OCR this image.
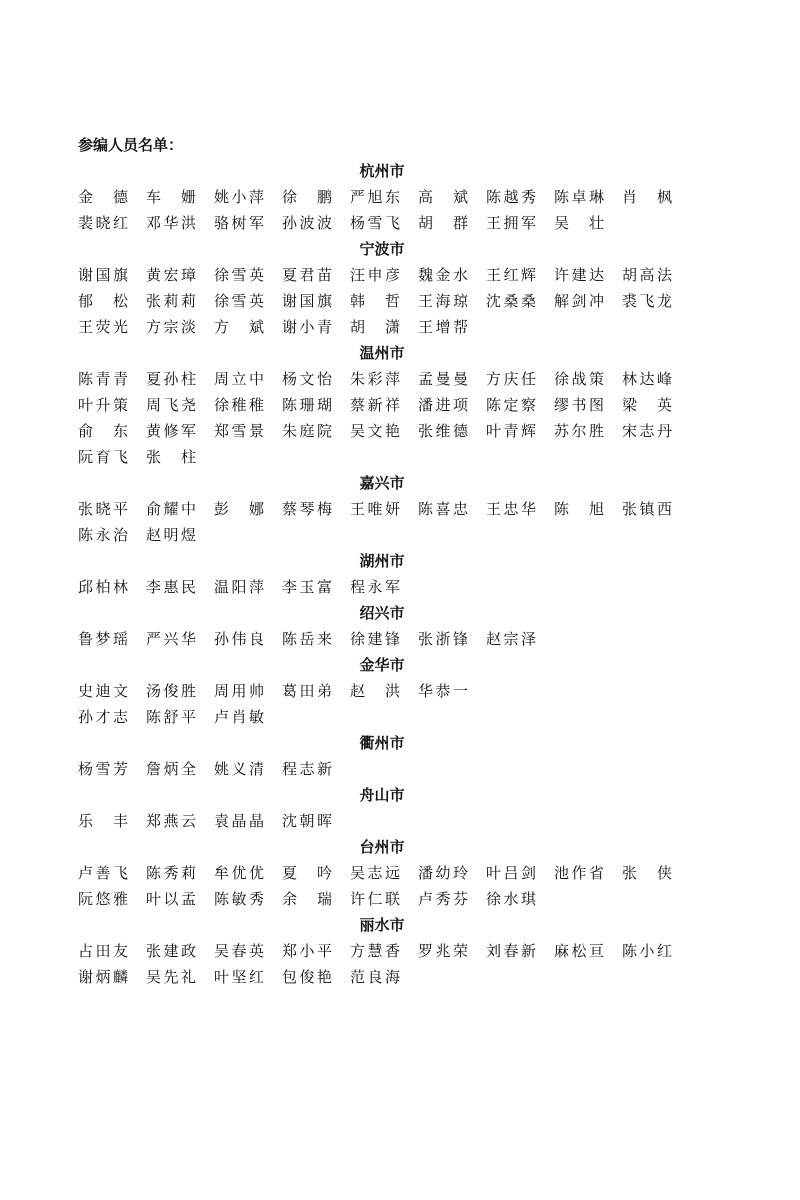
参编人员名单：
杭州市
金　德 车　姗 姚小萍 徐　鹏 严旭东 高　斌 陈越秀 陈卓琳 肖　枫
裴晓红 邓华洪 骆树军 孙波波 杨雪飞 胡　群 王拥军 吴　壮
宁波市
谢国旗 黄宏璋 徐雪英 夏君苗 汪申彦 魏金水 王红辉 许建达 胡高法
郁　松 张莉莉 徐雪英 谢国旗 韩　哲 王海琼 沈桑桑 解剑冲 裘飞龙
王荧光 方宗淡 方　斌 谢小青 胡　潇 王增帮
温州市
陈青青 夏孙柱 周立中 杨文怡 朱彩萍 孟曼曼 方庆任 徐战策 林达峰
叶升策 周飞尧 徐稚稚 陈珊瑚 蔡新祥 潘进项 陈定察 缪书图 梁　英
俞　东 黄修军 郑雪景 朱庭院 吴文艳 张维德 叶青辉 苏尔胜 宋志丹
阮育飞 张　柱
嘉兴市
张晓平 俞耀中 彭　娜 蔡琴梅 王唯妍 陈喜忠 王忠华 陈　旭 张镇西
陈永治 赵明煜
湖州市
邱柏林 李惠民 温阳萍 李玉富 程永军
绍兴市
鲁梦瑶 严兴华 孙伟良 陈岳来 徐建锋 张浙锋 赵宗泽
金华市
史迪文 汤俊胜 周用帅 葛田弟 赵　洪 华恭一
孙才志 陈舒平 卢肖敏
衢州市
杨雪芳 詹炳全 姚义清 程志新
舟山市
乐　丰 郑燕云 袁晶晶 沈朝晖
台州市
卢善飞 陈秀莉 牟优优 夏　吟 吴志远 潘幼玲 叶吕剑 池作省 张　侠
阮悠雅 叶以孟 陈敏秀 余　瑞 许仁联 卢秀芬 徐水琪
丽水市
占田友 张建政 吴春英 郑小平 方慧香 罗兆荣 刘春新 麻松亘 陈小红
谢炳麟 吴先礼 叶坚红 包俊艳 范良海
